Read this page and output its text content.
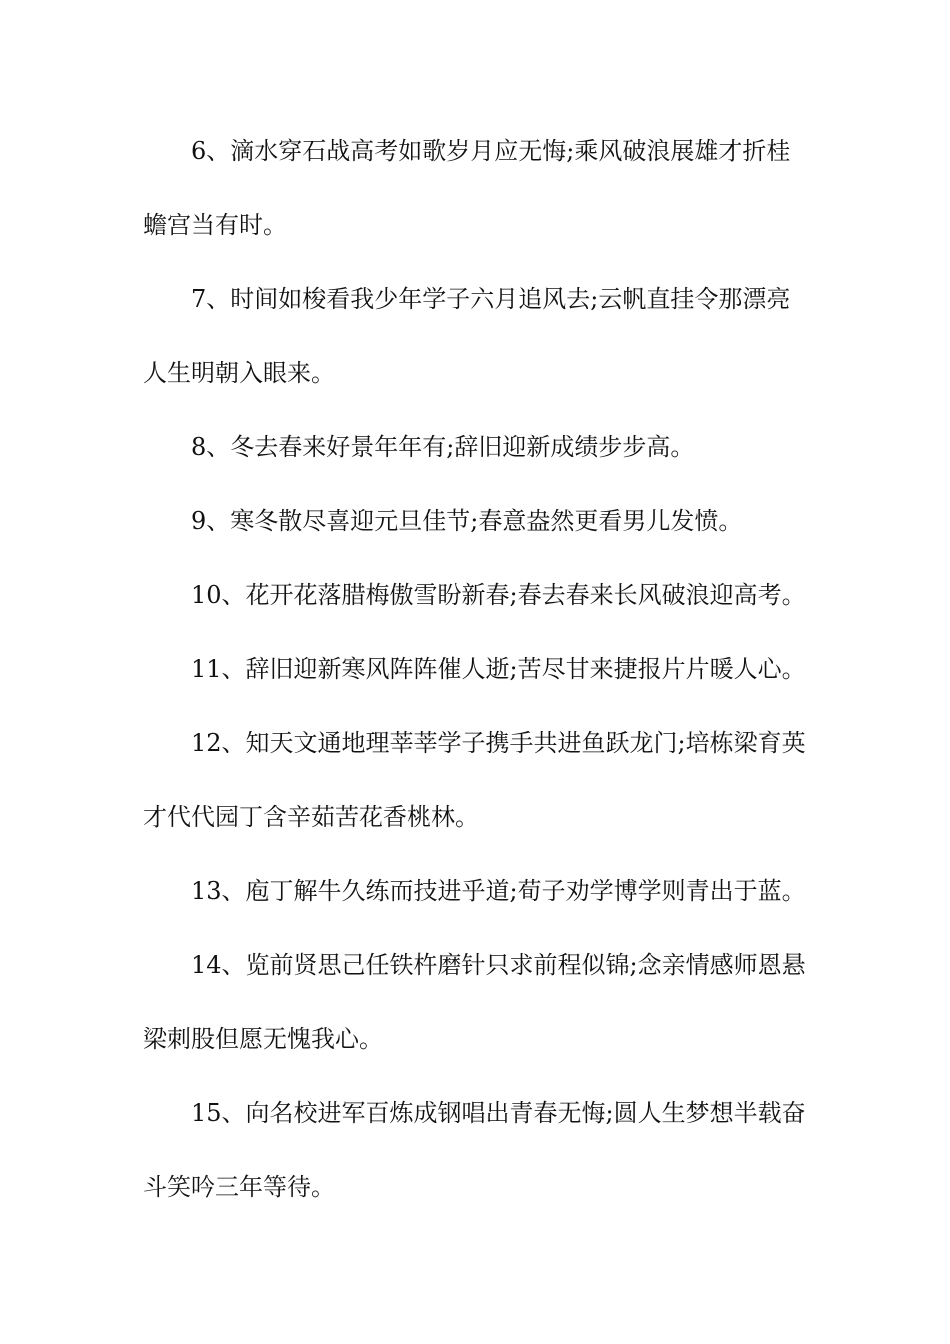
6、滴水穿石战高考如歌岁月应无悔;乘风破浪展雄才折桂
蟾宫当有时。
7、时间如梭看我少年学子六月追风去;云帆直挂令那漂亮
人生明朝入眼来。
8、冬去春来好景年年有;辞旧迎新成绩步步高。
9、寒冬散尽喜迎元旦佳节;春意盎然更看男儿发愤。
10、花开花落腊梅傲雪盼新春;春去春来长风破浪迎高考。
11、辞旧迎新寒风阵阵催人逝;苦尽甘来捷报片片暖人心。
12、知天文通地理莘莘学子携手共进鱼跃龙门;培栋梁育英
才代代园丁含辛茹苦花香桃林。
13、庖丁解牛久练而技进乎道;荀子劝学博学则青出于蓝。
14、览前贤思己任铁杵磨针只求前程似锦;念亲情感师恩悬
梁刺股但愿无愧我心。
15、向名校进军百炼成钢唱出青春无悔;圆人生梦想半载奋
斗笑吟三年等待。
